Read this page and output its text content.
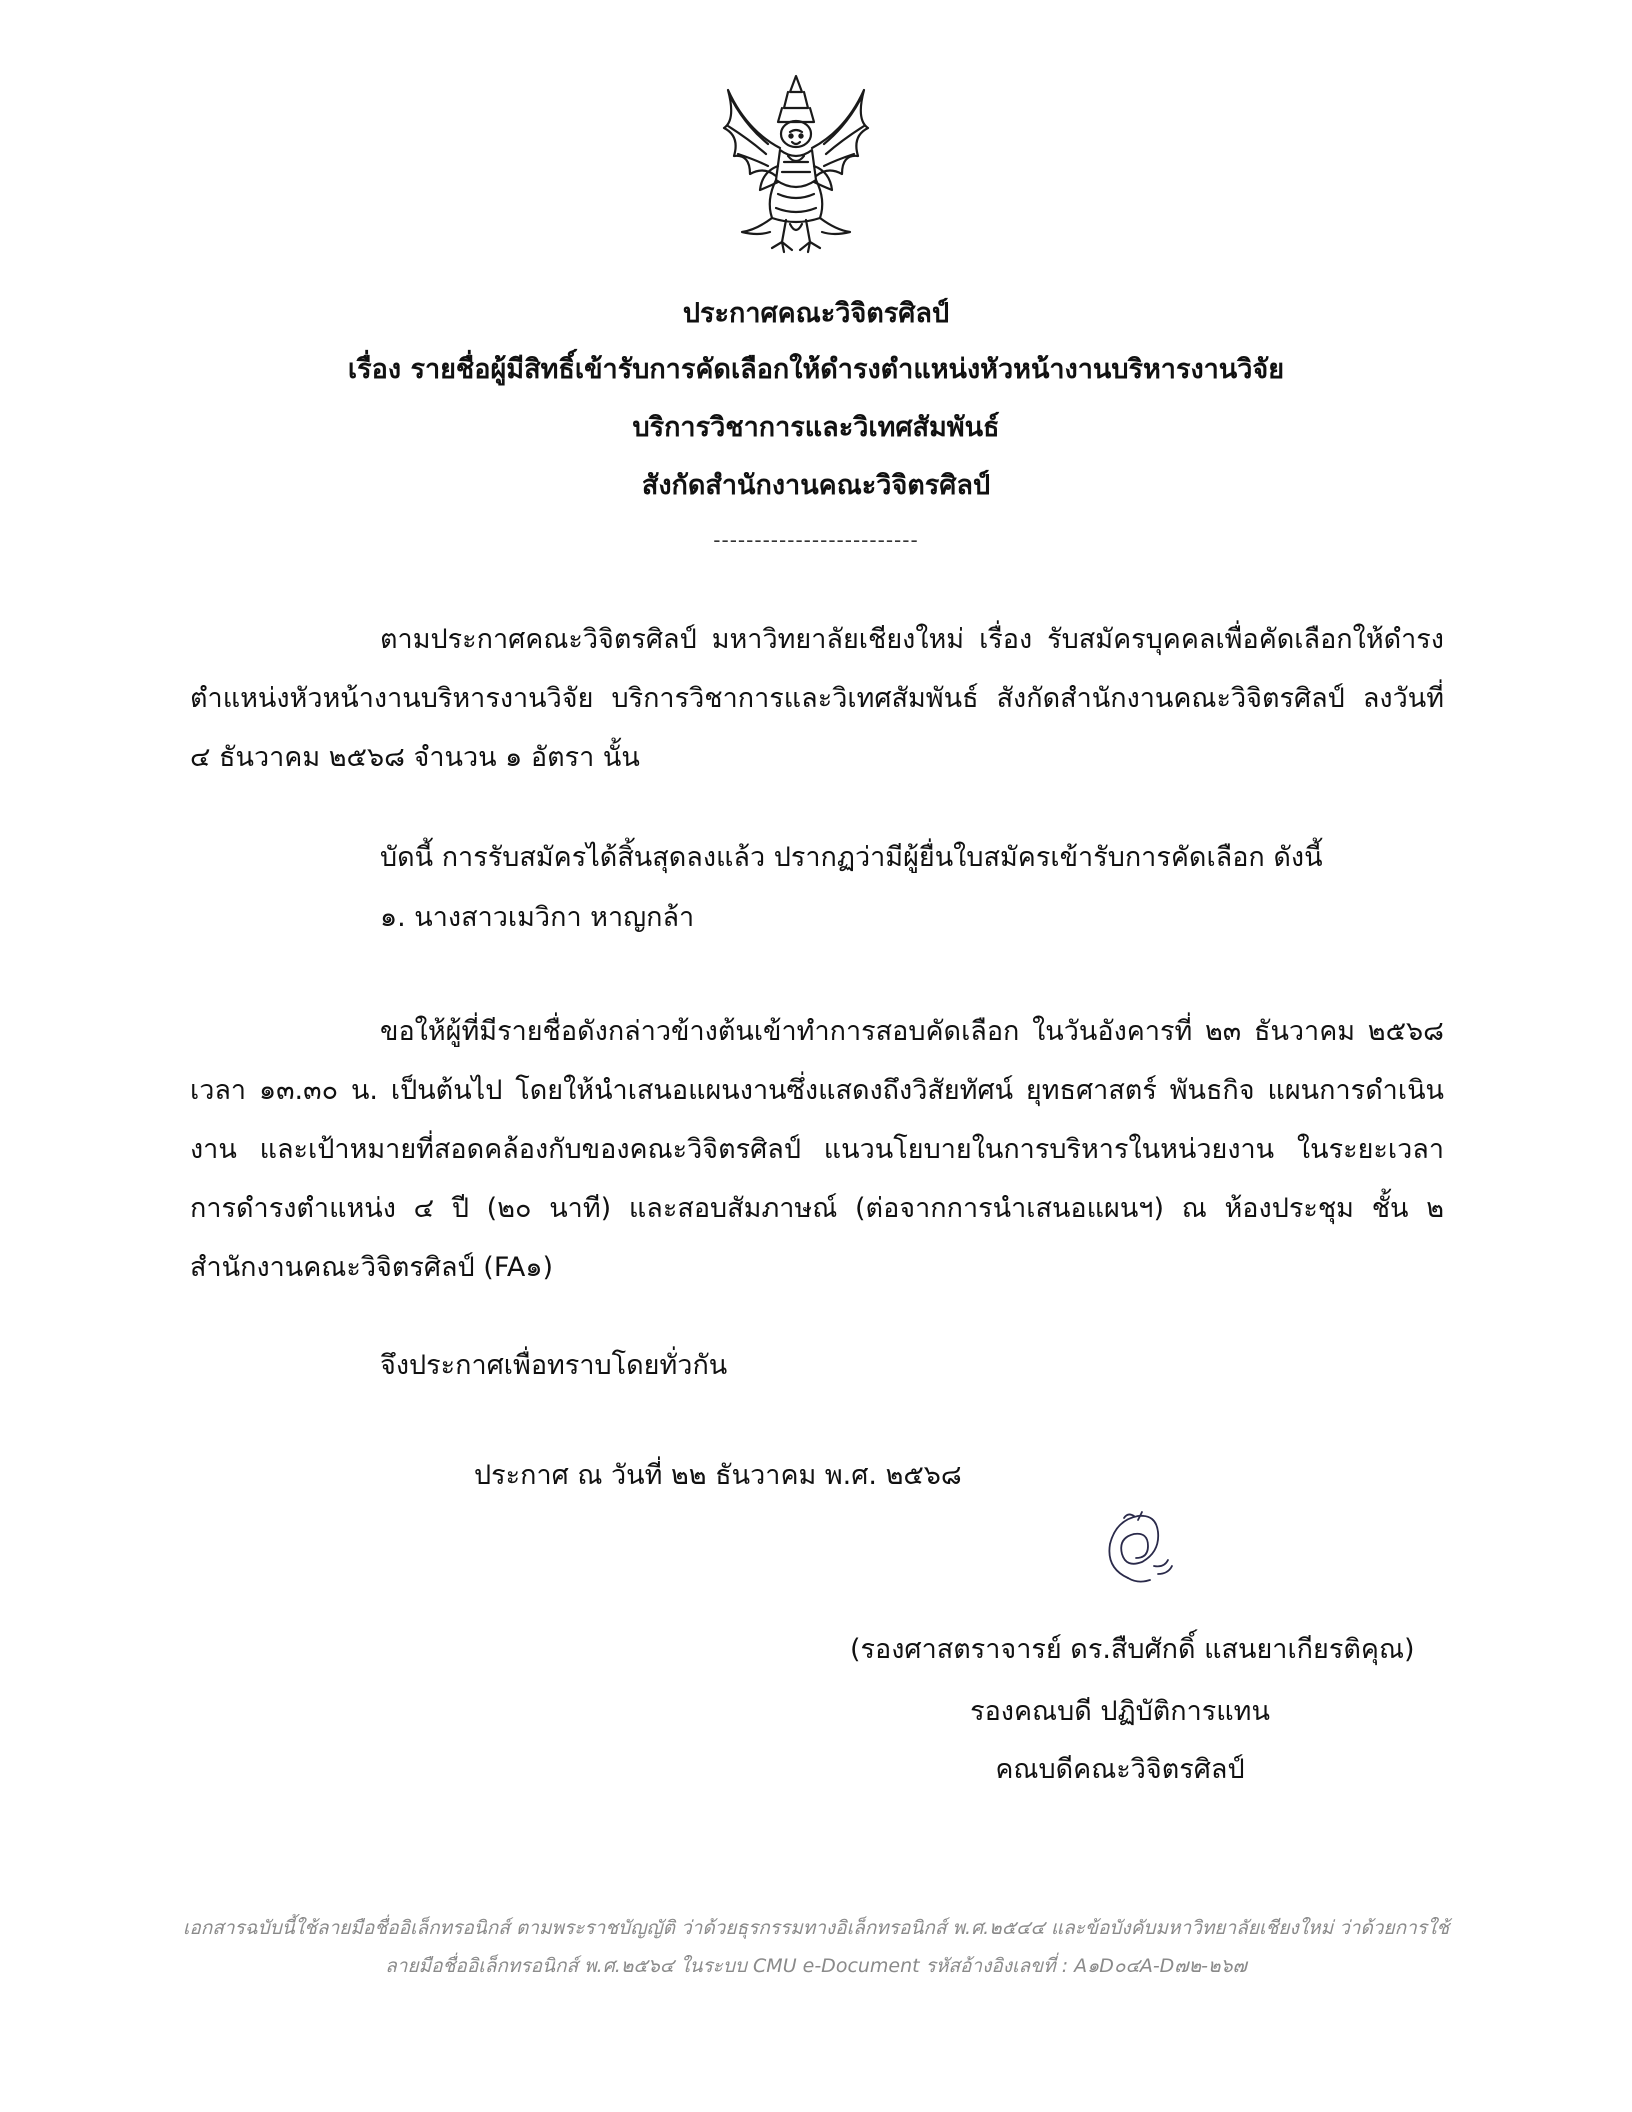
ประกาศคณะวิจิตรศิลป์
เรื่อง รายชื่อผู้มีสิทธิ์เข้ารับการคัดเลือกให้ดำรงตำแหน่งหัวหน้างานบริหารงานวิจัย
บริการวิชาการและวิเทศสัมพันธ์
สังกัดสำนักงานคณะวิจิตรศิลป์
-------------------------

ตามประกาศคณะวิจิตรศิลป์ มหาวิทยาลัยเชียงใหม่ เรื่อง รับสมัครบุคคลเพื่อคัดเลือกให้ดำรงตำแหน่งหัวหน้างานบริหารงานวิจัย บริการวิชาการและวิเทศสัมพันธ์ สังกัดสำนักงานคณะวิจิตรศิลป์ ลงวันที่ ๔ ธันวาคม ๒๕๖๘ จำนวน ๑ อัตรา นั้น

บัดนี้ การรับสมัครได้สิ้นสุดลงแล้ว ปรากฏว่ามีผู้ยื่นใบสมัครเข้ารับการคัดเลือก ดังนี้
๑. นางสาวเมวิกา หาญกล้า

ขอให้ผู้ที่มีรายชื่อดังกล่าวข้างต้นเข้าทำการสอบคัดเลือก ในวันอังคารที่ ๒๓ ธันวาคม ๒๕๖๘ เวลา ๑๓.๓๐ น. เป็นต้นไป โดยให้นำเสนอแผนงานซึ่งแสดงถึงวิสัยทัศน์ ยุทธศาสตร์ พันธกิจ แผนการดำเนินงาน และเป้าหมายที่สอดคล้องกับของคณะวิจิตรศิลป์ แนวนโยบายในการบริหารในหน่วยงาน ในระยะเวลาการดำรงตำแหน่ง ๔ ปี (๒๐ นาที) และสอบสัมภาษณ์ (ต่อจากการนำเสนอแผนฯ) ณ ห้องประชุม ชั้น ๒ สำนักงานคณะวิจิตรศิลป์ (FA๑)

จึงประกาศเพื่อทราบโดยทั่วกัน
ประกาศ ณ วันที่ ๒๒ ธันวาคม พ.ศ. ๒๕๖๘
(รองศาสตราจารย์ ดร.สืบศักดิ์ แสนยาเกียรติคุณ)
รองคณบดี ปฏิบัติการแทน
คณบดีคณะวิจิตรศิลป์
เอกสารฉบับนี้ใช้ลายมือชื่ออิเล็กทรอนิกส์ ตามพระราชบัญญัติ ว่าด้วยธุรกรรมทางอิเล็กทรอนิกส์ พ.ศ.๒๕๔๔ และข้อบังคับมหาวิทยาลัยเชียงใหม่ ว่าด้วยการใช้
ลายมือชื่ออิเล็กทรอนิกส์ พ.ศ.๒๕๖๔ ในระบบ CMU e-Document รหัสอ้างอิงเลขที่ : A๑D๐๔A-D๗๒-๒๖๗
